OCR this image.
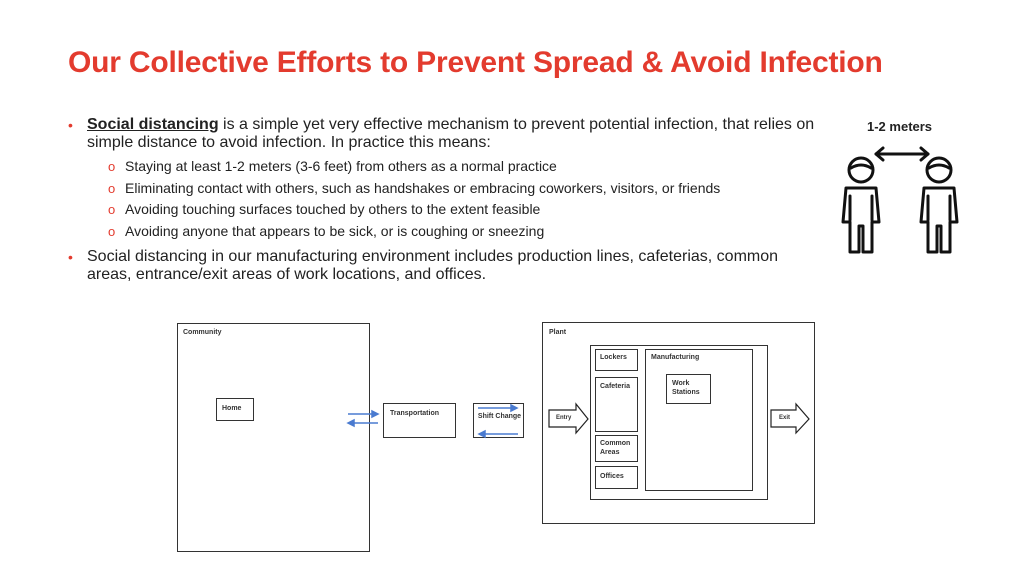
Our Collective Efforts to Prevent Spread & Avoid Infection

• Social distancing is a simple yet very effective mechanism to prevent potential infection, that relies on simple distance to avoid infection. In practice this means:

o Staying at least 1-2 meters (3-6 feet) from others as a normal practice
o Eliminating contact with others, such as handshakes or embracing coworkers, visitors, or friends
o Avoiding touching surfaces touched by others to the extent feasible
o Avoiding anyone that appears to be sick, or is coughing or sneezing

• Social distancing in our manufacturing environment includes production lines, cafeterias, common areas, entrance/exit areas of work locations, and offices.

1-2 meters
Community
Home
Transportation	Shift Change
Plant
Lockers
Cafeteria
Common Areas
Offices
Manufacturing
Work Stations
Entry	Exit
